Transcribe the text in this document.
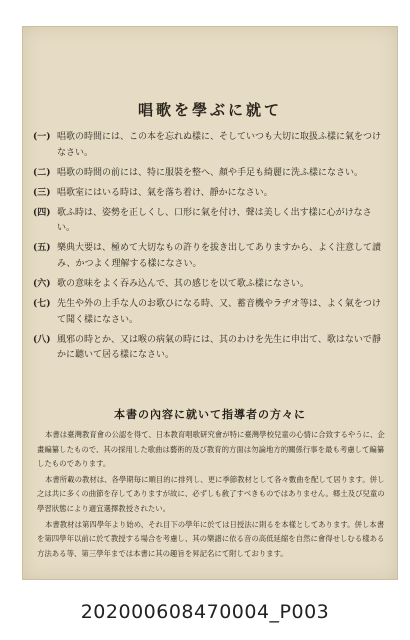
唱歌を學ぶに就て
(一) 唱歌の時間には、この本を忘れぬ樣に、そしていつも大切に取扱ふ樣に氣をつけなさい。
(二) 唱歌の時間の前には、特に服裝を整へ、顏や手足も綺麗に洗ふ樣になさい。
(三) 唱歌室にはいる時は、氣を落ち着け、靜かになさい。
(四) 歌ふ時は、姿勢を正しくし、口形に氣を付け、聲は美しく出す樣に心がけなさい。
(五) 樂典大要は、極めて大切なもの許りを拔き出してありますから、よく注意して讀み、かつよく理解する樣になさい。
(六) 歌の意味をよく吞み込んで、其の感じを以て歌ふ樣になさい。
(七) 先生や外の上手な人のお歌ひになる時、又、蓄音機やラヂオ等は、よく氣をつけて聞く樣になさい。
(八) 風邪の時とか、又は喉の病氣の時には、其のわけを先生に申出て、歌はないで靜かに聽いて居る樣になさい。
本書の內容に就いて指導者の方々に

本書は臺灣教育會の公認を得て、日本教育唱歌研究會が特に臺灣學校兒童の心情に合致するやうに、企畫編纂したもので、其の採用した歌曲は藝術的及び教育的方面は勿論地方的關係行事を最も考慮して編纂したものであります。

本書所載の教材は、各學期毎に順目的に排列し、更に季節教材として各々數曲を配して居ります。併し之は共に多くの曲節を存してありますが故に、必ずしも敎了すべきものではありません。郷土及び兒童の學習狀態により適宜選擇教授されたい。

本書教材は第四學年より始め、それ目下の學年に於ては日授法に則るを本樣としてあります。併し本書を第四學年以前に於て教授する場合を考慮し、其の樂譜に依る音の高低延縮を自然に會得せしむる樣ある方法ある等、第三學年までは本書に其の趣旨を昇記名にて附しております。

202000608470004_P003
